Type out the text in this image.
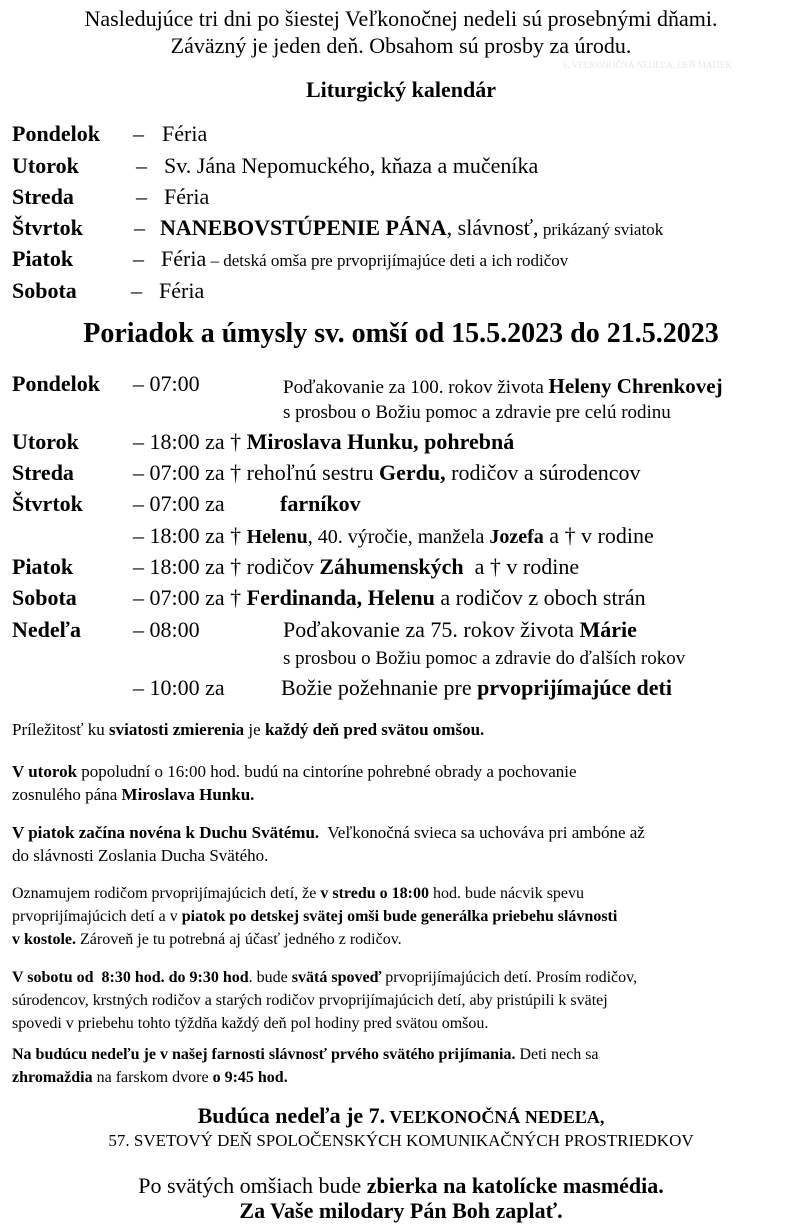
Nasledujúce tri dni po šiestej Veľkonočnej nedeli sú prosebnými dňami.
Záväzný je jeden deň. Obsahom sú prosby za úrodu.
6. VEĽKONOČNÁ NEDEĽA, DEŇ MATIEK
Liturgický kalendár
Pondelok – Féria
Utorok	– Sv. Jána Nepomuckého, kňaza a mučeníka
Streda	– Féria
Štvrtok – NANEBOVSTÚPENIE PÁNA, slávnosť, prikázaný sviatok
Piatok	– Féria – detská omša pre prvoprijímajúce deti a ich rodičov
Sobota – Féria
Poriadok a úmysly sv. omší od 15.5.2023 do 21.5.2023
Pondelok – 07:00	Poďakovanie za 100. rokov života Heleny Chrenkovej
s prosbou o Božiu pomoc a zdravie pre celú rodinu
Utorok – 18:00 za † Miroslava Hunku, pohrebná
Streda	– 07:00 za † rehoľnú sestru Gerdu, rodičov a súrodencov
Štvrtok – 07:00 za	farníkov
– 18:00 za † Helenu, 40. výročie, manžela Jozefa a † v rodine
Piatok	– 18:00 za † rodičov Záhumenských  a † v rodine
Sobota	– 07:00 za † Ferdinanda, Helenu a rodičov z oboch strán
Nedeľa – 08:00	Poďakovanie za 75. rokov života Márie
s prosbou o Božiu pomoc a zdravie do ďalších rokov
– 10:00 za	Božie požehnanie pre prvoprijímajúce deti
Príležitosť ku sviatosti zmierenia je každý deň pred svätou omšou.
V utorok popoludní o 16:00 hod. budú na cintoríne pohrebné obrady a pochovanie
zosnulého pána Miroslava Hunku.
V piatok začína novéna k Duchu Svätému.  Veľkonočná svieca sa uchováva pri ambóne až
do slávnosti Zoslania Ducha Svätého.
Oznamujem rodičom prvoprijímajúcich detí, že v stredu o 18:00 hod. bude nácvik spevu
prvoprijímajúcich detí a v piatok po detskej svätej omši bude generálka priebehu slávnosti
v kostole. Zároveň je tu potrebná aj účasť jedného z rodičov.
V sobotu od  8:30 hod. do 9:30 hod. bude svätá spoveď prvoprijímajúcich detí. Prosím rodičov,
súrodencov, krstných rodičov a starých rodičov prvoprijímajúcich detí, aby pristúpili k svätej
spovedi v priebehu tohto týždňa každý deň pol hodiny pred svätou omšou.
Na budúcu nedeľu je v našej farnosti slávnosť prvého svätého prijímania. Deti nech sa
zhromaždia na farskom dvore o 9:45 hod.
Budúca nedeľa je 7. VEĽKONOČNÁ NEDEĽA,
57. SVETOVÝ DEŇ SPOLOČENSKÝCH KOMUNIKAČNÝCH PROSTRIEDKOV
Po svätých omšiach bude zbierka na katolícke masmédia.
Za Vaše milodary Pán Boh zaplať.
